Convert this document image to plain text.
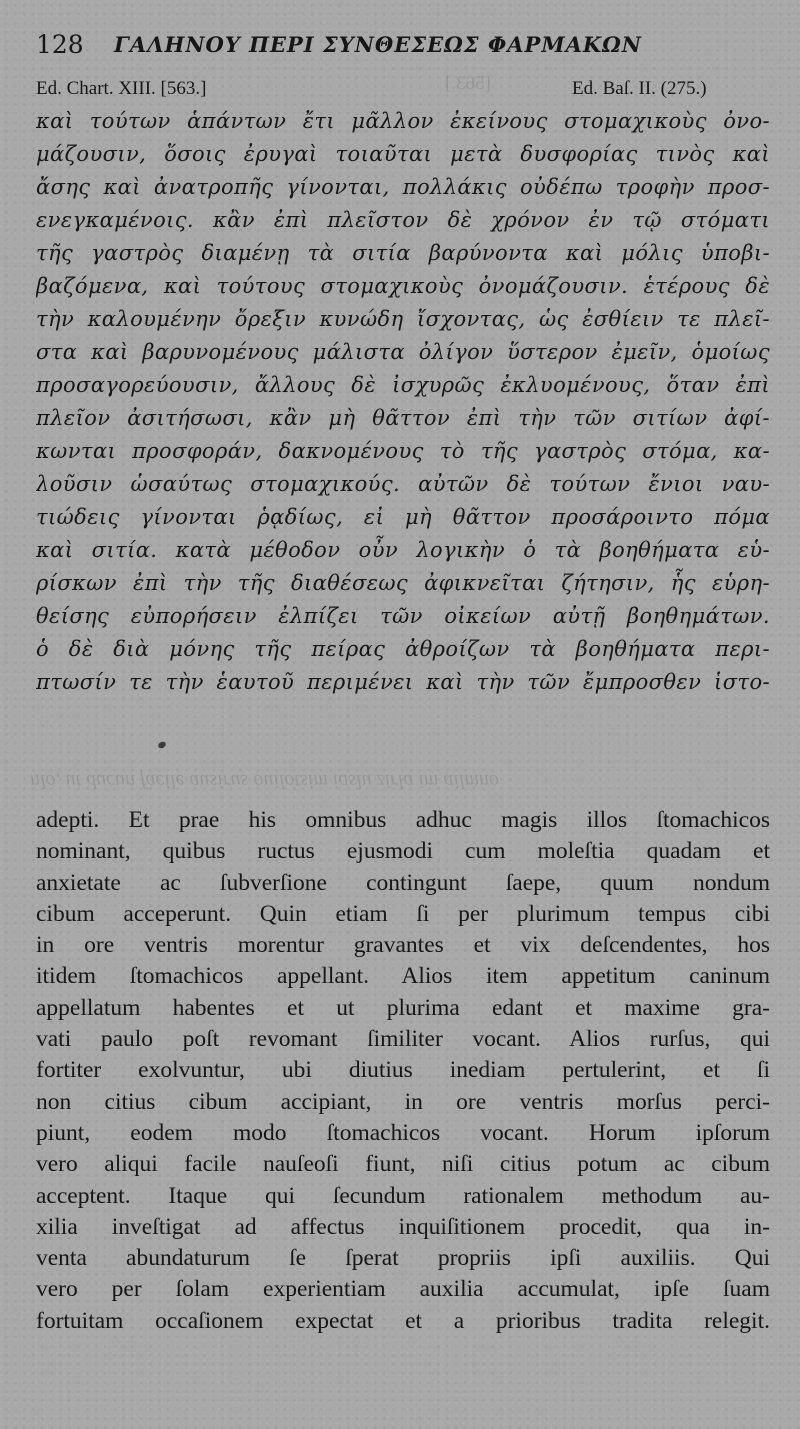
128 ΓΑΛΗΝΟΥ ΠΕΡΙ ΣΥΝΘΕΣΕΩΣ ΦΑΡΜΑΚΩΝ
[563.]
Ed. Chart. XIII. [563.]	Ed. Baſ. II. (275.)
καὶ τούτων ἁπάντων ἔτι μᾶλλον ἐκείνους στομαχικοὺς ὀνο-
μάζουσιν, ὅσοις ἐρυγαὶ τοιαῦται μετὰ δυσφορίας τινὸς καὶ
ἄσης καὶ ἀνατροπῆς γίνονται, πολλάκις οὐδέπω τροφὴν προσ-
ενεγκαμένοις. κἂν ἐπὶ πλεῖστον δὲ χρόνον ἐν τῷ στόματι
τῆς γαστρὸς διαμένῃ τὰ σιτία βαρύνοντα καὶ μόλις ὑποβι-
βαζόμενα, καὶ τούτους στομαχικοὺς ὀνομάζουσιν. ἑτέρους δὲ
τὴν καλουμένην ὄρεξιν κυνώδη ἴσχοντας, ὡς ἐσθίειν τε πλεῖ-
στα καὶ βαρυνομένους μάλιστα ὀλίγον ὕστερον ἐμεῖν, ὁμοίως
προσαγορεύουσιν, ἄλλους δὲ ἰσχυρῶς ἐκλυομένους, ὅταν ἐπὶ
πλεῖον ἀσιτήσωσι, κἂν μὴ θᾶττον ἐπὶ τὴν τῶν σιτίων ἀφί-
κωνται προσφοράν, δακνομένους τὸ τῆς γαστρὸς στόμα, κα-
λοῦσιν ὡσαύτως στομαχικούς. αὐτῶν δὲ τούτων ἔνιοι ναυ-
τιώδεις γίνονται ῥᾳδίως, εἰ μὴ θᾶττον προσάροιντο πόμα
καὶ σιτία. κατὰ μέθοδον οὖν λογικὴν ὁ τὰ βοηθήματα εὑ-
ρίσκων ἐπὶ τὴν τῆς διαθέσεως ἀφικνεῖται ζήτησιν, ἧς εὑρη-
θείσης εὐπορήσειν ἐλπίζει τῶν οἰκείων αὐτῇ βοηθημάτων.
ὁ δὲ διὰ μόνης τῆς πείρας ἀθροίζων τὰ βοηθήματα περι-
πτωσίν τε τὴν ἑαυτοῦ περιμένει καὶ τὴν τῶν ἔμπροσθεν ἱστο-
nlo, ut ducun facile ausirus ouilotsim iaslu zirla im ailmno
adepti. Et prae his omnibus adhuc magis illos ſtomachicos
nominant, quibus ructus ejusmodi cum moleſtia quadam et
anxietate ac ſubverſione contingunt ſaepe, quum nondum
cibum acceperunt. Quin etiam ſi per plurimum tempus cibi
in ore ventris morentur gravantes et vix deſcendentes, hos
itidem ſtomachicos appellant. Alios item appetitum caninum
appellatum habentes et ut plurima edant et maxime gra-
vati paulo poſt revomant ſimiliter vocant. Alios rurſus, qui
fortiter exolvuntur, ubi diutius inediam pertulerint, et ſi
non citius cibum accipiant, in ore ventris morſus perci-
piunt, eodem modo ſtomachicos vocant. Horum ipſorum
vero aliqui facile nauſeoſi fiunt, niſi citius potum ac cibum
acceptent. Itaque qui ſecundum rationalem methodum au-
xilia inveſtigat ad affectus inquiſitionem procedit, qua in-
venta abundaturum ſe ſperat propriis ipſi auxiliis. Qui
vero per ſolam experientiam auxilia accumulat, ipſe ſuam
fortuitam occaſionem expectat et a prioribus tradita relegit.
